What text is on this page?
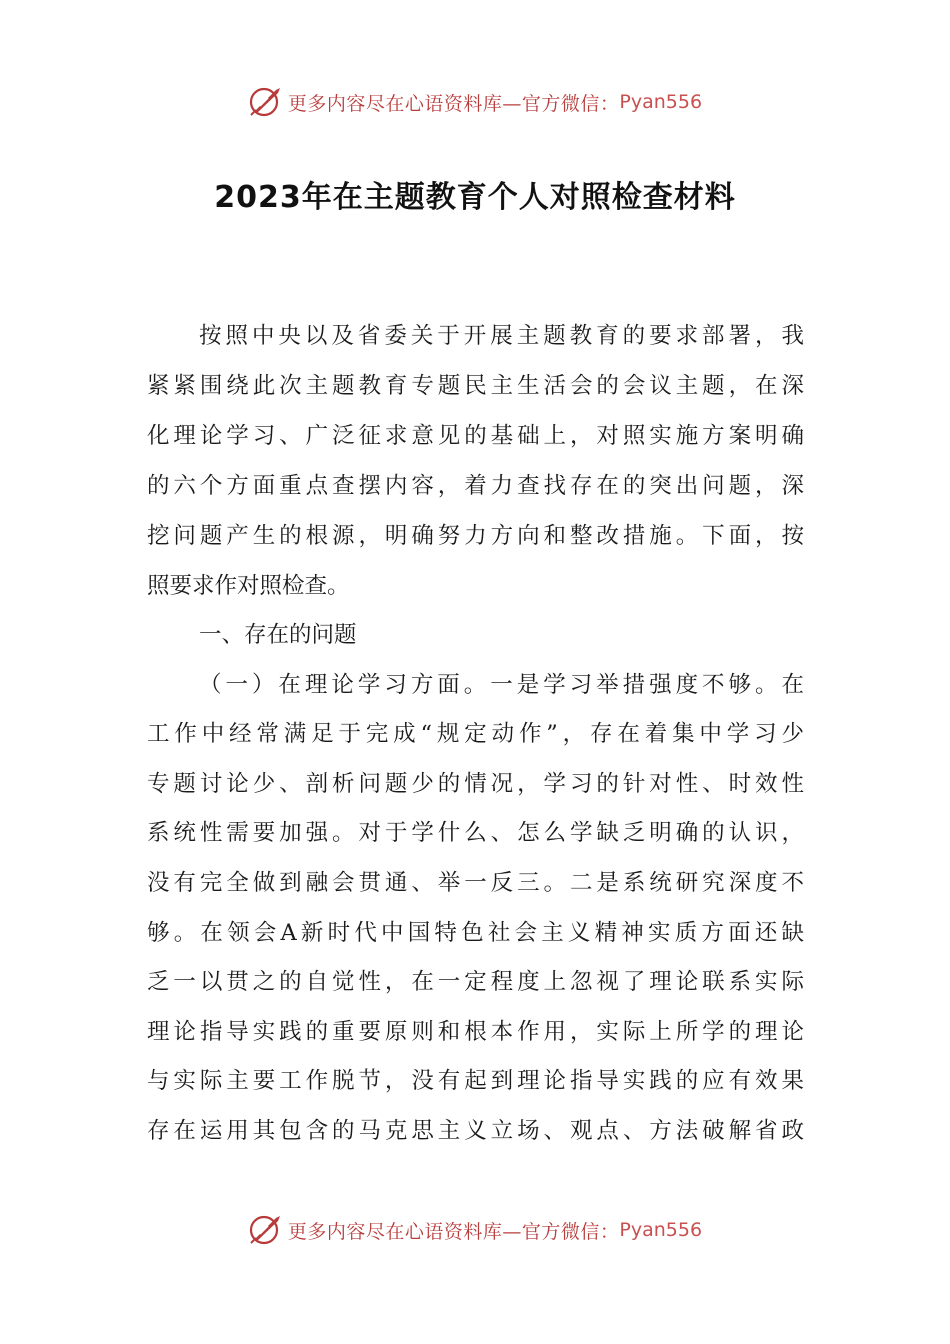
更多内容尽在心语资料库—官方微信： Pyan556
2023年在主题教育个人对照检查材料
按照中央以及省委关于开展主题教育的要求部署，我
紧紧围绕此次主题教育专题民主生活会的会议主题，在深
化理论学习、广泛征求意见的基础上，对照实施方案明确
的六个方面重点查摆内容，着力查找存在的突出问题，深
挖问题产生的根源，明确努力方向和整改措施。下面，按
照要求作对照检查。
一、存在的问题
（一）在理论学习方面。一是学习举措强度不够。在
工作中经常满足于完成“规定动作”，存在着集中学习少
专题讨论少、剖析问题少的情况，学习的针对性、时效性
系统性需要加强。对于学什么、怎么学缺乏明确的认识，
没有完全做到融会贯通、举一反三。二是系统研究深度不
够。在领会A新时代中国特色社会主义精神实质方面还缺
乏一以贯之的自觉性，在一定程度上忽视了理论联系实际
理论指导实践的重要原则和根本作用，实际上所学的理论
与实际主要工作脱节，没有起到理论指导实践的应有效果
存在运用其包含的马克思主义立场、观点、方法破解省政
更多内容尽在心语资料库—官方微信： Pyan556
